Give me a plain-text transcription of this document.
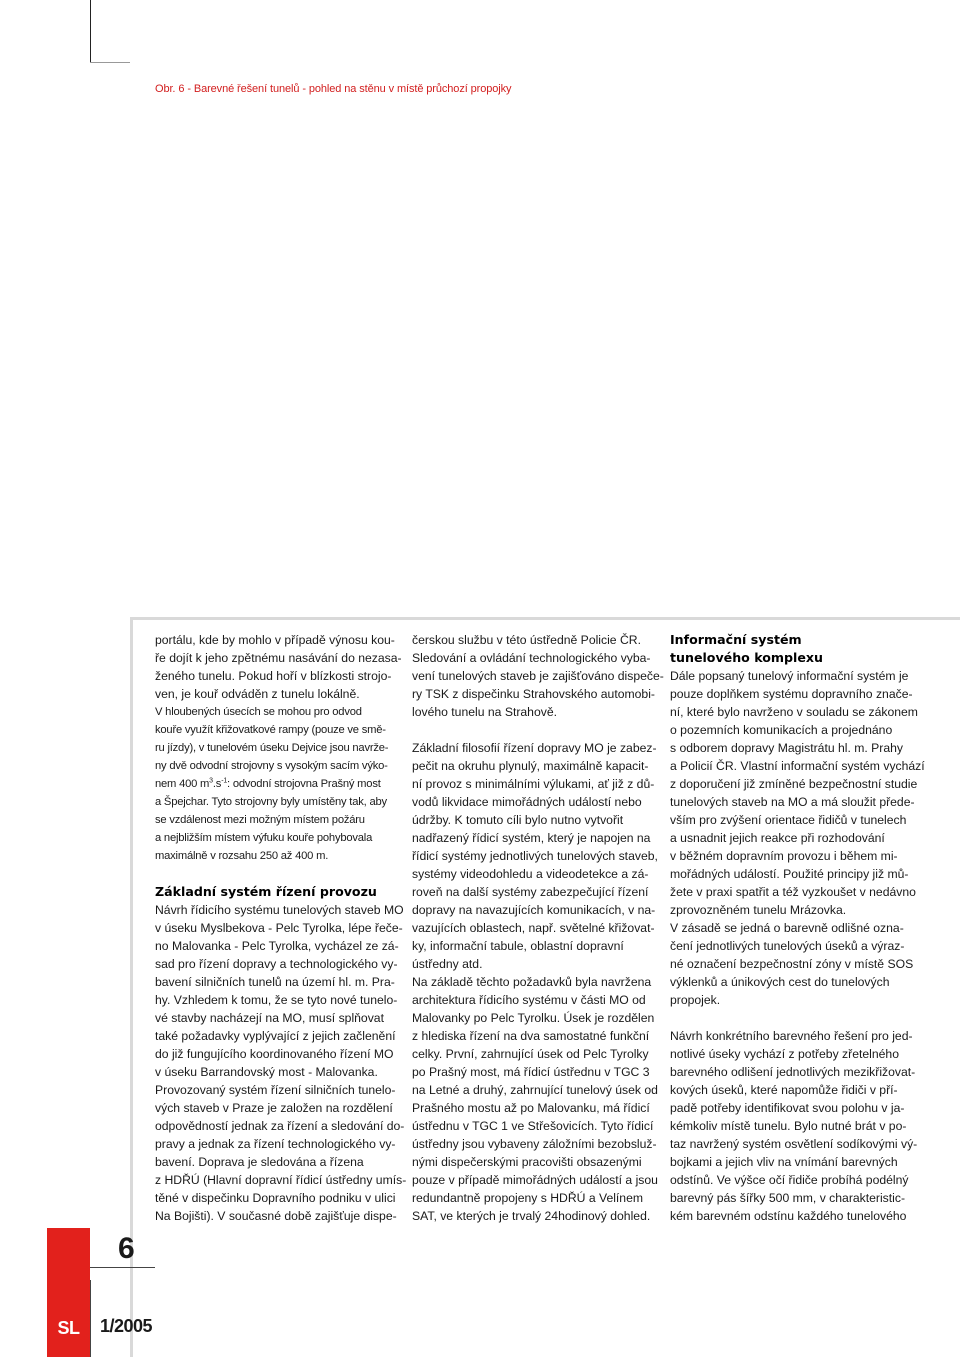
Obr. 6 - Barevné řešení tunelů - pohled na stěnu v místě průchozí propojky
portálu, kde by mohlo v případě výnosu kou-
ře dojít k jeho zpětnému nasávání do nezasa-
ženého tunelu. Pokud hoří v blízkosti strojo-
ven, je kouř odváděn z tunelu lokálně.
V hloubených úsecích se mohou pro odvod
kouře využít křižovatkové rampy (pouze ve smě-
ru jízdy), v tunelovém úseku Dejvice jsou navrže-
ny dvě odvodní strojovny s vysokým sacím výko-
nem 400 $m^3.s^{-1}$: odvodní strojovna Prašný most
a Špejchar. Tyto strojovny byly umístěny tak, aby
se vzdálenost mezi možným místem požáru
a nejbližším místem výfuku kouře pohybovala
maximálně v rozsahu 250 až 400 m.
Základní systém řízení provozu
Návrh řídicího systému tunelových staveb MO
v úseku Myslbekova - Pelc Tyrolka, lépe řeče-
no Malovanka - Pelc Tyrolka, vycházel ze zá-
sad pro řízení dopravy a technologického vy-
bavení silničních tunelů na území hl. m. Pra-
hy. Vzhledem k tomu, že se tyto nové tunelo-
vé stavby nacházejí na MO, musí splňovat
také požadavky vyplývající z jejich začlenění
do již fungujícího koordinovaného řízení MO
v úseku Barrandovský most - Malovanka.
Provozovaný systém řízení silničních tunelo-
vých staveb v Praze je založen na rozdělení
odpovědností jednak za řízení a sledování do-
pravy a jednak za řízení technologického vy-
bavení. Doprava je sledována a řízena
z HDŘÚ (Hlavní dopravní řídicí ústředny umís-
těné v dispečinku Dopravního podniku v ulici
Na Bojišti). V současné době zajišťuje dispe-
čerskou službu v této ústředně Policie ČR.
Sledování a ovládání technologického vyba-
vení tunelových staveb je zajišťováno dispeče-
ry TSK z dispečinku Strahovského automobi-
lového tunelu na Strahově.
Základní filosofií řízení dopravy MO je zabez-
pečit na okruhu plynulý, maximálně kapacit-
ní provoz s minimálními výlukami, ať již z dů-
vodů likvidace mimořádných událostí nebo
údržby. K tomuto cíli bylo nutno vytvořit
nadřazený řídicí systém, který je napojen na
řídicí systémy jednotlivých tunelových staveb,
systémy videodohledu a videodetekce a zá-
roveň na další systémy zabezpečující řízení
dopravy na navazujících komunikacích, v na-
vazujících oblastech, např. světelné křižovat-
ky, informační tabule, oblastní dopravní
ústředny atd.
Na základě těchto požadavků byla navržena
architektura řídicího systému v části MO od
Malovanky po Pelc Tyrolku. Úsek je rozdělen
z hlediska řízení na dva samostatné funkční
celky. První, zahrnující úsek od Pelc Tyrolky
po Prašný most, má řídicí ústřednu v TGC 3
na Letné a druhý, zahrnující tunelový úsek od
Prašného mostu až po Malovanku, má řídicí
ústřednu v TGC 1 ve Střešovicích. Tyto řídicí
ústředny jsou vybaveny záložními bezobsluž-
nými dispečerskými pracovišti obsazenými
pouze v případě mimořádných událostí a jsou
redundantně propojeny s HDŘÚ a Velínem
SAT, ve kterých je trvalý 24hodinový dohled.
Informační systém
tunelového komplexu
Dále popsaný tunelový informační systém je
pouze doplňkem systému dopravního znače-
ní, které bylo navrženo v souladu se zákonem
o pozemních komunikacích a projednáno
s odborem dopravy Magistrátu hl. m. Prahy
a Policií ČR. Vlastní informační systém vychází
z doporučení již zmíněné bezpečnostní studie
tunelových staveb na MO a má sloužit přede-
vším pro zvýšení orientace řidičů v tunelech
a usnadnit jejich reakce při rozhodování
v běžném dopravním provozu i během mi-
mořádných událostí. Použité principy již mů-
žete v praxi spatřit a též vyzkoušet v nedávno
zprovozněném tunelu Mrázovka.
V zásadě se jedná o barevně odlišné ozna-
čení jednotlivých tunelových úseků a výraz-
né označení bezpečnostní zóny v místě SOS
výklenků a únikových cest do tunelových
propojek.
Návrh konkrétního barevného řešení pro jed-
notlivé úseky vychází z potřeby zřetelného
barevného odlišení jednotlivých mezikřižovat-
kových úseků, které napomůže řidiči v pří-
padě potřeby identifikovat svou polohu v ja-
kémkoliv místě tunelu. Bylo nutné brát v po-
taz navržený systém osvětlení sodíkovými vý-
bojkami a jejich vliv na vnímání barevných
odstínů. Ve výšce očí řidiče probíhá podélný
barevný pás šířky 500 mm, v charakteristic-
kém barevném odstínu každého tunelového
6
SL	1/2005
